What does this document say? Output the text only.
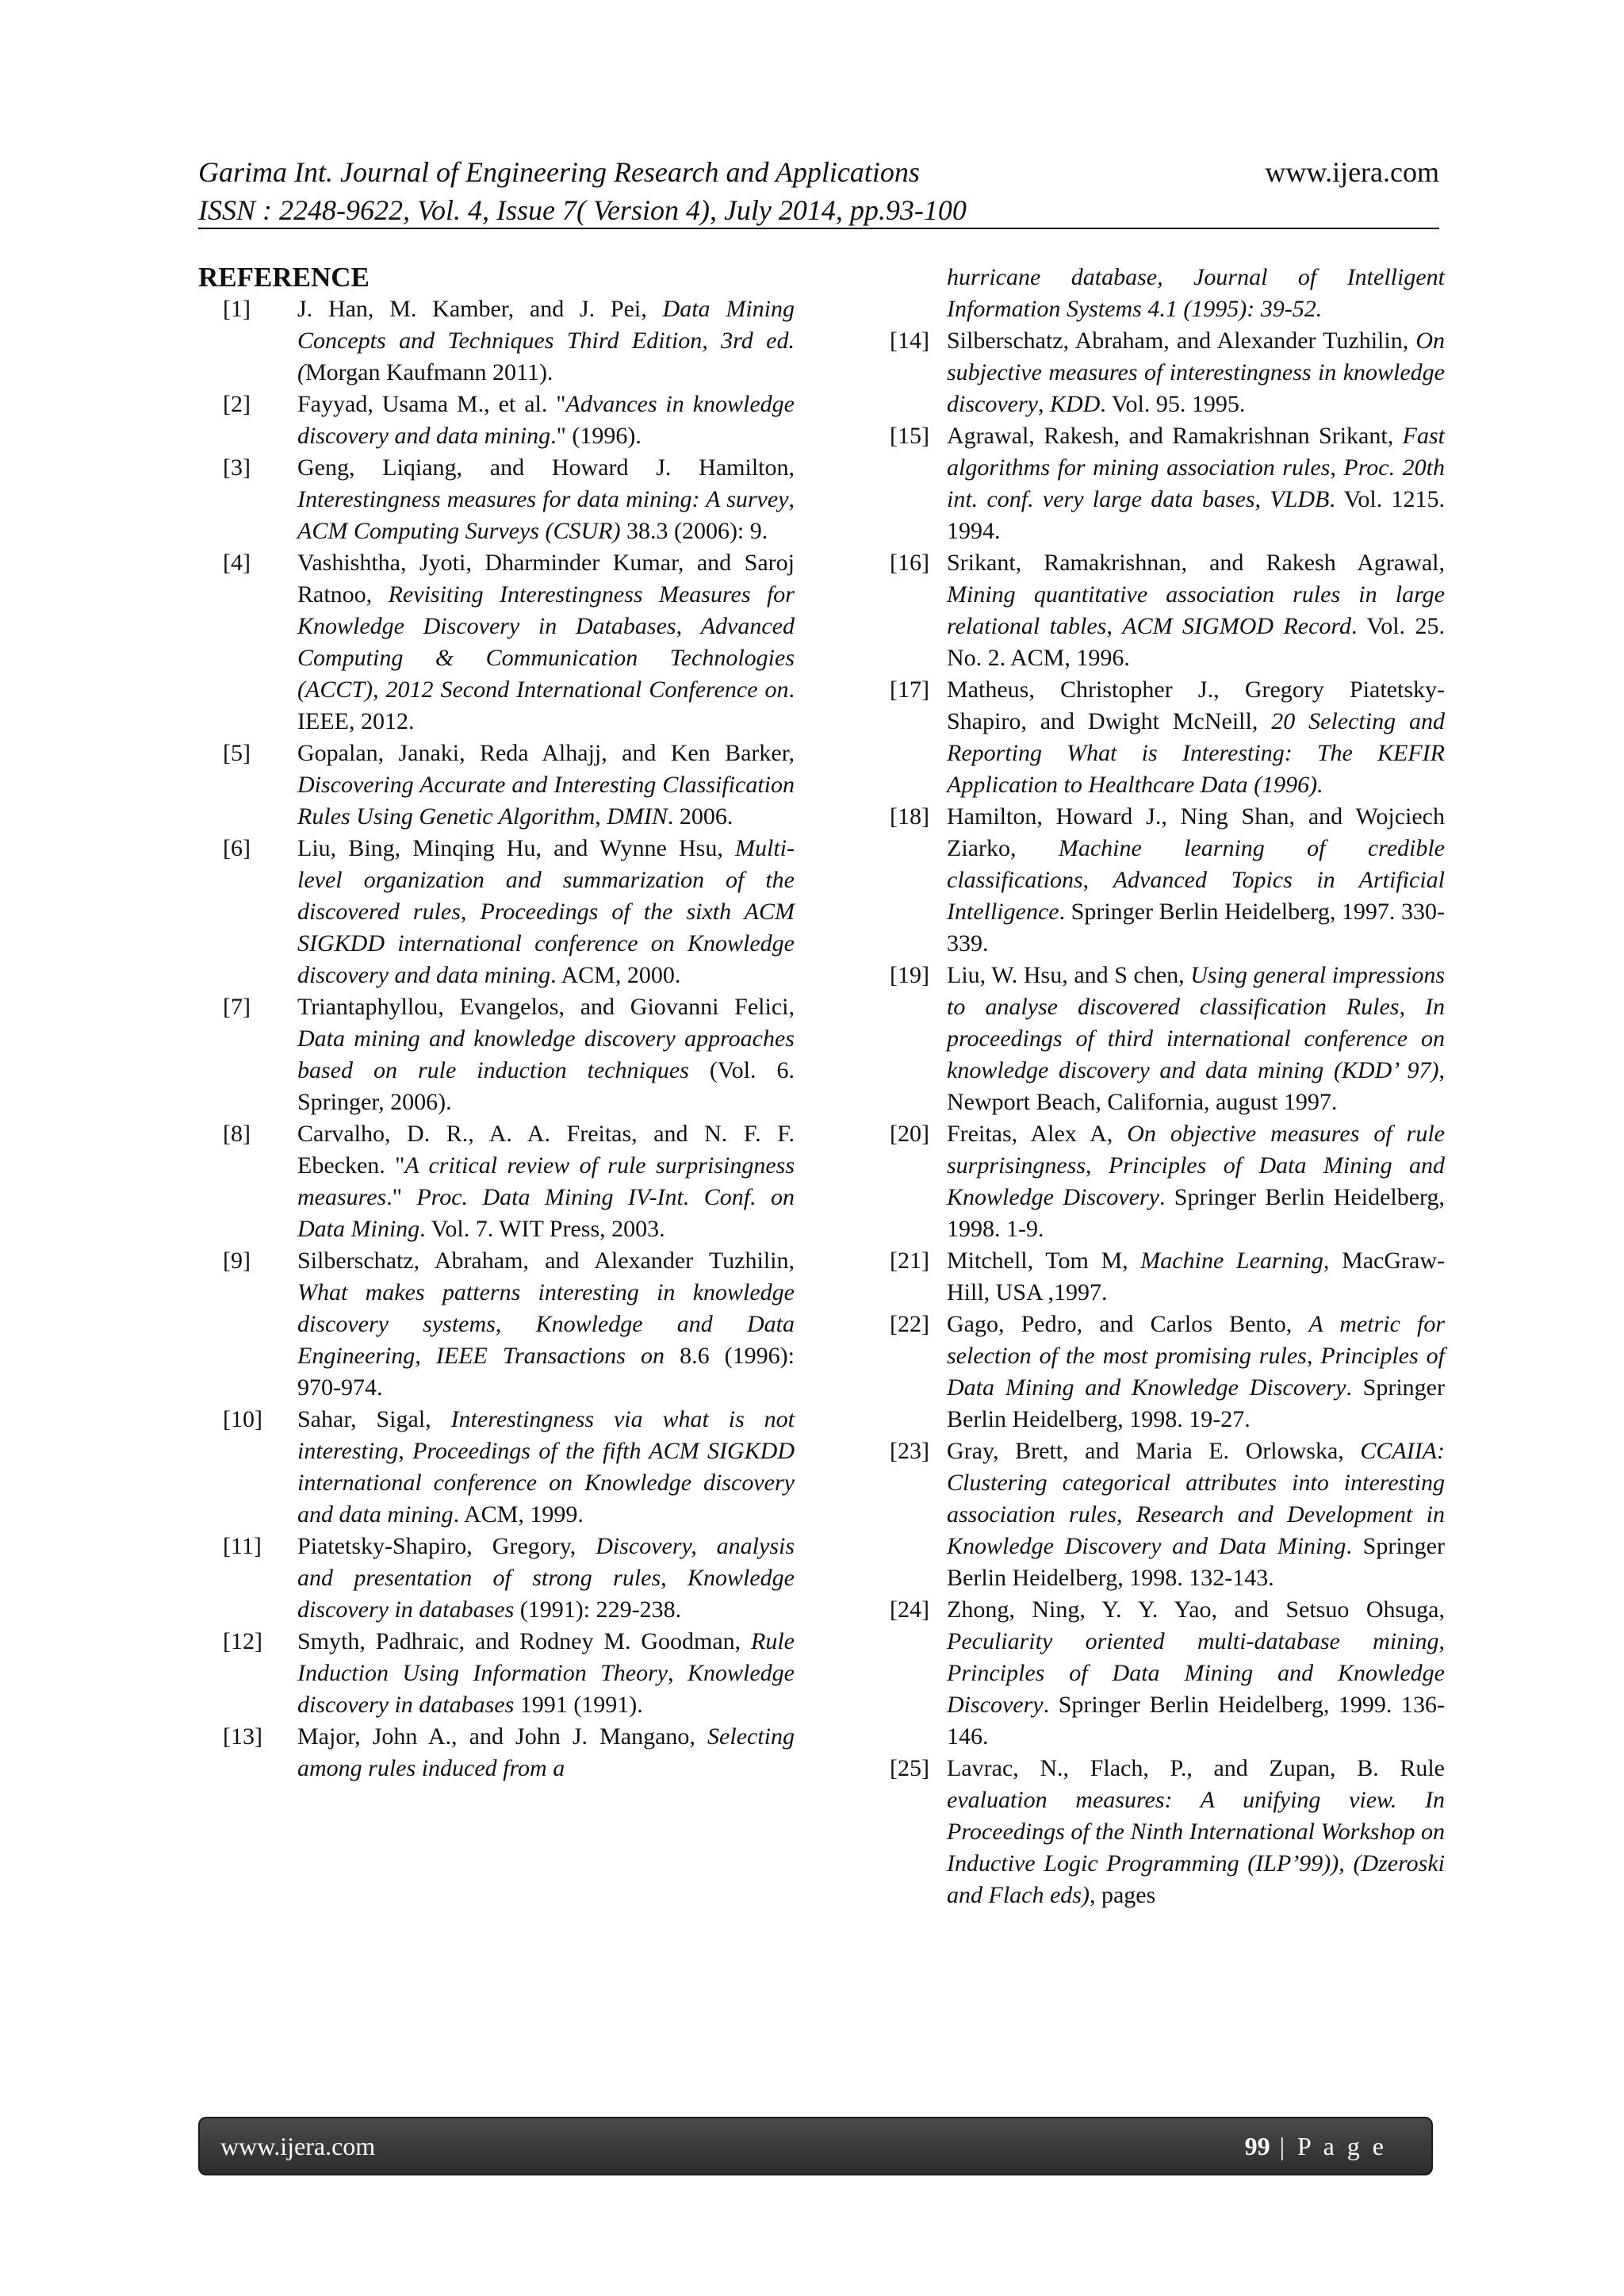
Garima Int. Journal of Engineering Research and Applications	www.ijera.com
ISSN : 2248-9622, Vol. 4, Issue 7( Version 4), July 2014, pp.93-100
REFERENCE
[1]	J. Han, M. Kamber, and J. Pei, Data Mining Concepts and Techniques Third Edition, 3rd ed. (Morgan Kaufmann 2011).
[2]	Fayyad, Usama M., et al. "Advances in knowledge discovery and data mining." (1996).
[3]	Geng, Liqiang, and Howard J. Hamilton, Interestingness measures for data mining: A survey, ACM Computing Surveys (CSUR) 38.3 (2006): 9.
[4]	Vashishtha, Jyoti, Dharminder Kumar, and Saroj Ratnoo, Revisiting Interestingness Measures for Knowledge Discovery in Databases, Advanced Computing & Communication Technologies (ACCT), 2012 Second International Conference on. IEEE, 2012.
[5]	Gopalan, Janaki, Reda Alhajj, and Ken Barker, Discovering Accurate and Interesting Classification Rules Using Genetic Algorithm, DMIN. 2006.
[6]	Liu, Bing, Minqing Hu, and Wynne Hsu, Multi-level organization and summarization of the discovered rules, Proceedings of the sixth ACM SIGKDD international conference on Knowledge discovery and data mining. ACM, 2000.
[7]	Triantaphyllou, Evangelos, and Giovanni Felici, Data mining and knowledge discovery approaches based on rule induction techniques (Vol. 6. Springer, 2006).
[8]	Carvalho, D. R., A. A. Freitas, and N. F. F. Ebecken. "A critical review of rule surprisingness measures." Proc. Data Mining IV-Int. Conf. on Data Mining. Vol. 7. WIT Press, 2003.
[9]	Silberschatz, Abraham, and Alexander Tuzhilin, What makes patterns interesting in knowledge discovery systems, Knowledge and Data Engineering, IEEE Transactions on 8.6 (1996): 970-974.
[10]	Sahar, Sigal, Interestingness via what is not interesting, Proceedings of the fifth ACM SIGKDD international conference on Knowledge discovery and data mining. ACM, 1999.
[11]	Piatetsky-Shapiro, Gregory, Discovery, analysis and presentation of strong rules, Knowledge discovery in databases (1991): 229-238.
[12]	Smyth, Padhraic, and Rodney M. Goodman, Rule Induction Using Information Theory, Knowledge discovery in databases 1991 (1991).
[13]	Major, John A., and John J. Mangano, Selecting among rules induced from a
hurricane database, Journal of Intelligent Information Systems 4.1 (1995): 39-52.
[14] Silberschatz, Abraham, and Alexander Tuzhilin, On subjective measures of interestingness in knowledge discovery, KDD. Vol. 95. 1995.
[15] Agrawal, Rakesh, and Ramakrishnan Srikant, Fast algorithms for mining association rules, Proc. 20th int. conf. very large data bases, VLDB. Vol. 1215. 1994.
[16] Srikant, Ramakrishnan, and Rakesh Agrawal, Mining quantitative association rules in large relational tables, ACM SIGMOD Record. Vol. 25. No. 2. ACM, 1996.
[17] Matheus, Christopher J., Gregory Piatetsky-Shapiro, and Dwight McNeill, 20 Selecting and Reporting What is Interesting: The KEFIR Application to Healthcare Data (1996).
[18] Hamilton, Howard J., Ning Shan, and Wojciech Ziarko, Machine learning of credible classifications, Advanced Topics in Artificial Intelligence. Springer Berlin Heidelberg, 1997. 330-339.
[19] Liu, W. Hsu, and S chen, Using general impressions to analyse discovered classification Rules, In proceedings of third international conference on knowledge discovery and data mining (KDD’ 97), Newport Beach, California, august 1997.
[20] Freitas, Alex A, On objective measures of rule surprisingness, Principles of Data Mining and Knowledge Discovery. Springer Berlin Heidelberg, 1998. 1-9.
[21] Mitchell, Tom M, Machine Learning, MacGraw-Hill, USA ,1997.
[22] Gago, Pedro, and Carlos Bento, A metric for selection of the most promising rules, Principles of Data Mining and Knowledge Discovery. Springer Berlin Heidelberg, 1998. 19-27.
[23] Gray, Brett, and Maria E. Orlowska, CCAIIA: Clustering categorical attributes into interesting association rules, Research and Development in Knowledge Discovery and Data Mining. Springer Berlin Heidelberg, 1998. 132-143.
[24] Zhong, Ning, Y. Y. Yao, and Setsuo Ohsuga, Peculiarity oriented multi-database mining, Principles of Data Mining and Knowledge Discovery. Springer Berlin Heidelberg, 1999. 136-146.
[25] Lavrac, N., Flach, P., and Zupan, B. Rule evaluation measures: A unifying view. In Proceedings of the Ninth International Workshop on Inductive Logic Programming (ILP’99)), (Dzeroski and Flach eds), pages
www.ijera.com	99 | P a g e
